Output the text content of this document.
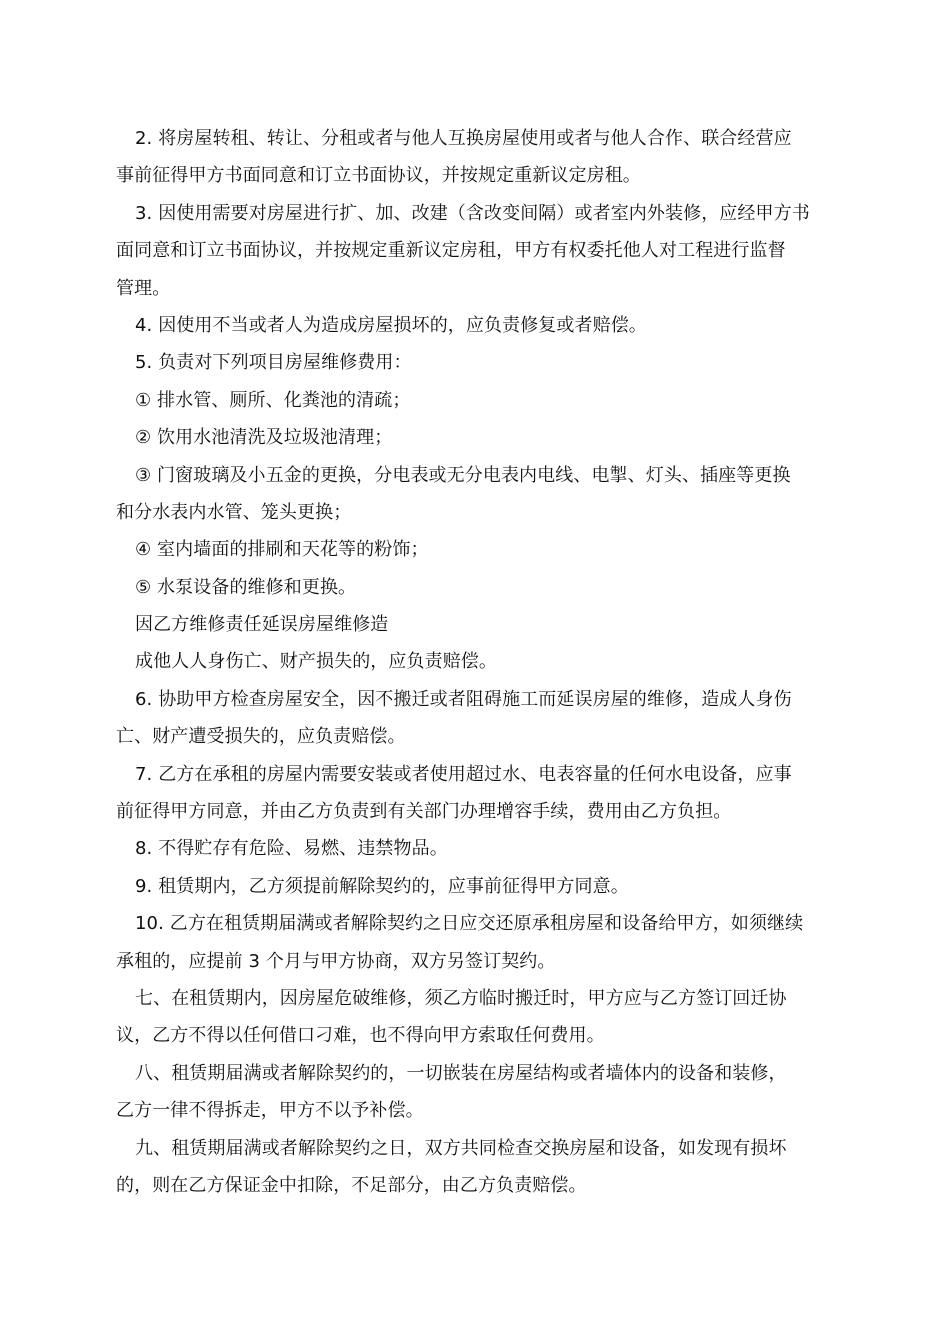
2. 将房屋转租、转让、分租或者与他人互换房屋使用或者与他人合作、联合经营应
事前征得甲方书面同意和订立书面协议，并按规定重新议定房租。
3. 因使用需要对房屋进行扩、加、改建（含改变间隔）或者室内外装修，应经甲方书
面同意和订立书面协议，并按规定重新议定房租，甲方有权委托他人对工程进行监督
管理。
4. 因使用不当或者人为造成房屋损坏的，应负责修复或者赔偿。
5. 负责对下列项目房屋维修费用：
① 排水管、厕所、化粪池的清疏；
② 饮用水池清洗及垃圾池清理；
③ 门窗玻璃及小五金的更换，分电表或无分电表内电线、电掣、灯头、插座等更换
和分水表内水管、笼头更换；
④ 室内墙面的排刷和天花等的粉饰；
⑤ 水泵设备的维修和更换。
因乙方维修责任延误房屋维修造
成他人人身伤亡、财产损失的，应负责赔偿。
6. 协助甲方检查房屋安全，因不搬迁或者阻碍施工而延误房屋的维修，造成人身伤
亡、财产遭受损失的，应负责赔偿。
7. 乙方在承租的房屋内需要安装或者使用超过水、电表容量的任何水电设备，应事
前征得甲方同意，并由乙方负责到有关部门办理增容手续，费用由乙方负担。
8. 不得贮存有危险、易燃、违禁物品。
9. 租赁期内，乙方须提前解除契约的，应事前征得甲方同意。
10. 乙方在租赁期届满或者解除契约之日应交还原承租房屋和设备给甲方，如须继续
承租的，应提前 3 个月与甲方协商，双方另签订契约。
七、在租赁期内，因房屋危破维修，须乙方临时搬迁时，甲方应与乙方签订回迁协
议，乙方不得以任何借口刁难，也不得向甲方索取任何费用。
八、租赁期届满或者解除契约的，一切嵌装在房屋结构或者墙体内的设备和装修，
乙方一律不得拆走，甲方不以予补偿。
九、租赁期届满或者解除契约之日，双方共同检查交换房屋和设备，如发现有损坏
的，则在乙方保证金中扣除，不足部分，由乙方负责赔偿。
